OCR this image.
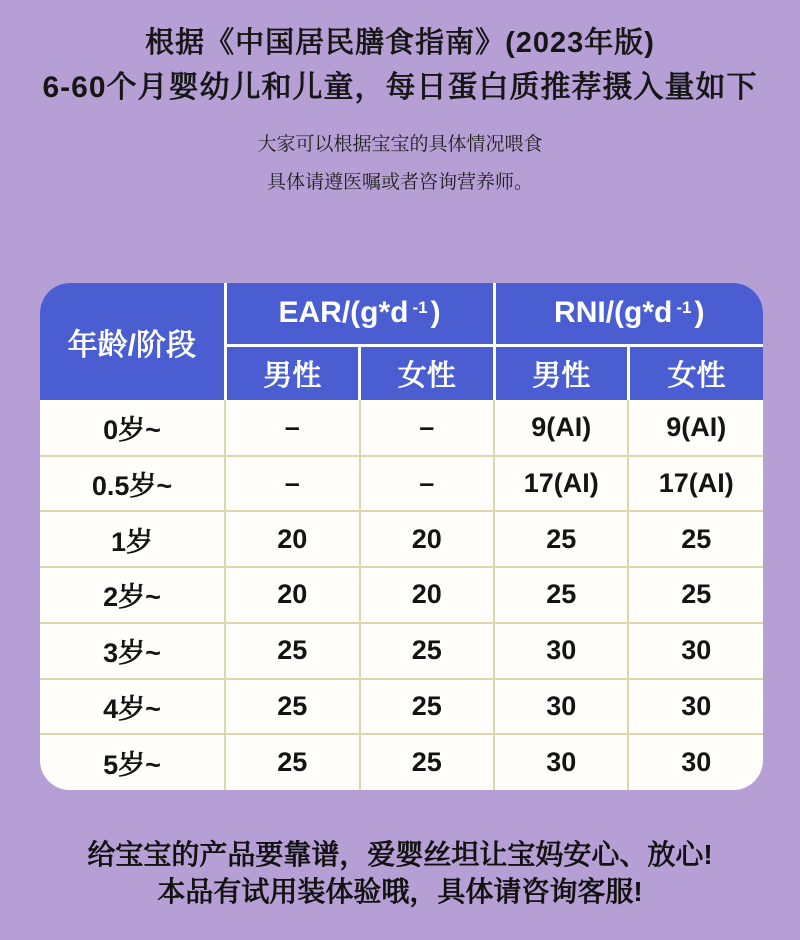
根据《中国居民膳食指南》(2023年版)
6-60个月婴幼儿和儿童，每日蛋白质推荐摄入量如下
大家可以根据宝宝的具体情况喂食
具体请遵医嘱或者咨询营养师。
年龄/阶段	EAR/(g*d $^{-1}$ )		RNI/(g*d $^{-1}$ )	
	男性	女性	男性	女性
0岁~	–	–	9(AI)	9(AI)
0.5岁~	–	–	17(AI)	17(AI)
1岁	20	20	25	25
2岁~	20	20	25	25
3岁~	25	25	30	30
4岁~	25	25	30	30
5岁~	25	25	30	30
给宝宝的产品要靠谱，爱婴丝坦让宝妈安心、放心!
本品有试用装体验哦，具体请咨询客服!
